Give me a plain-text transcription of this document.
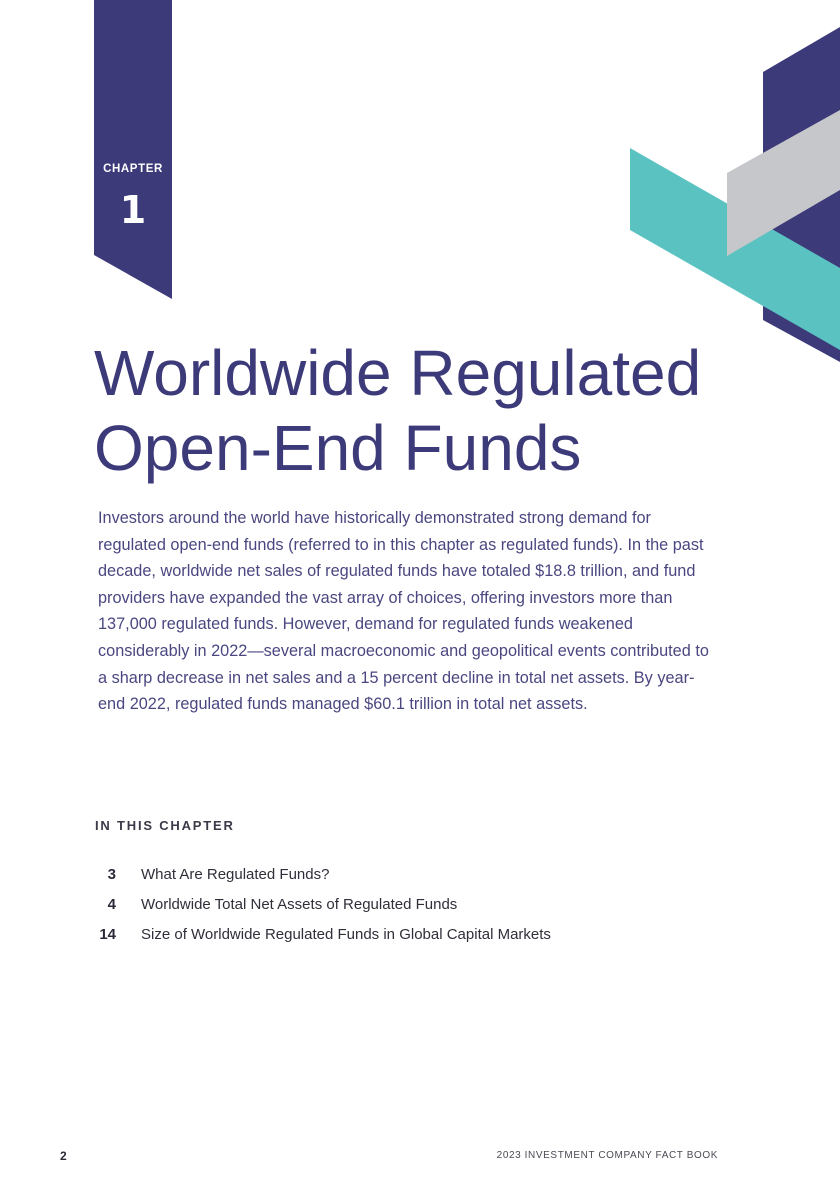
CHAPTER
1
Worldwide Regulated
Open-End Funds

Investors around the world have historically demonstrated strong demand for regulated open-end funds (referred to in this chapter as regulated funds). In the past decade, worldwide net sales of regulated funds have totaled $18.8 trillion, and fund providers have expanded the vast array of choices, offering investors more than 137,000 regulated funds. However, demand for regulated funds weakened considerably in 2022—several macroeconomic and geopolitical events contributed to a sharp decrease in net sales and a 15 percent decline in total net assets. By year-end 2022, regulated funds managed $60.1 trillion in total net assets.

IN THIS CHAPTER
3 What Are Regulated Funds?
4 Worldwide Total Net Assets of Regulated Funds
14 Size of Worldwide Regulated Funds in Global Capital Markets
2	2023 INVESTMENT COMPANY FACT BOOK
